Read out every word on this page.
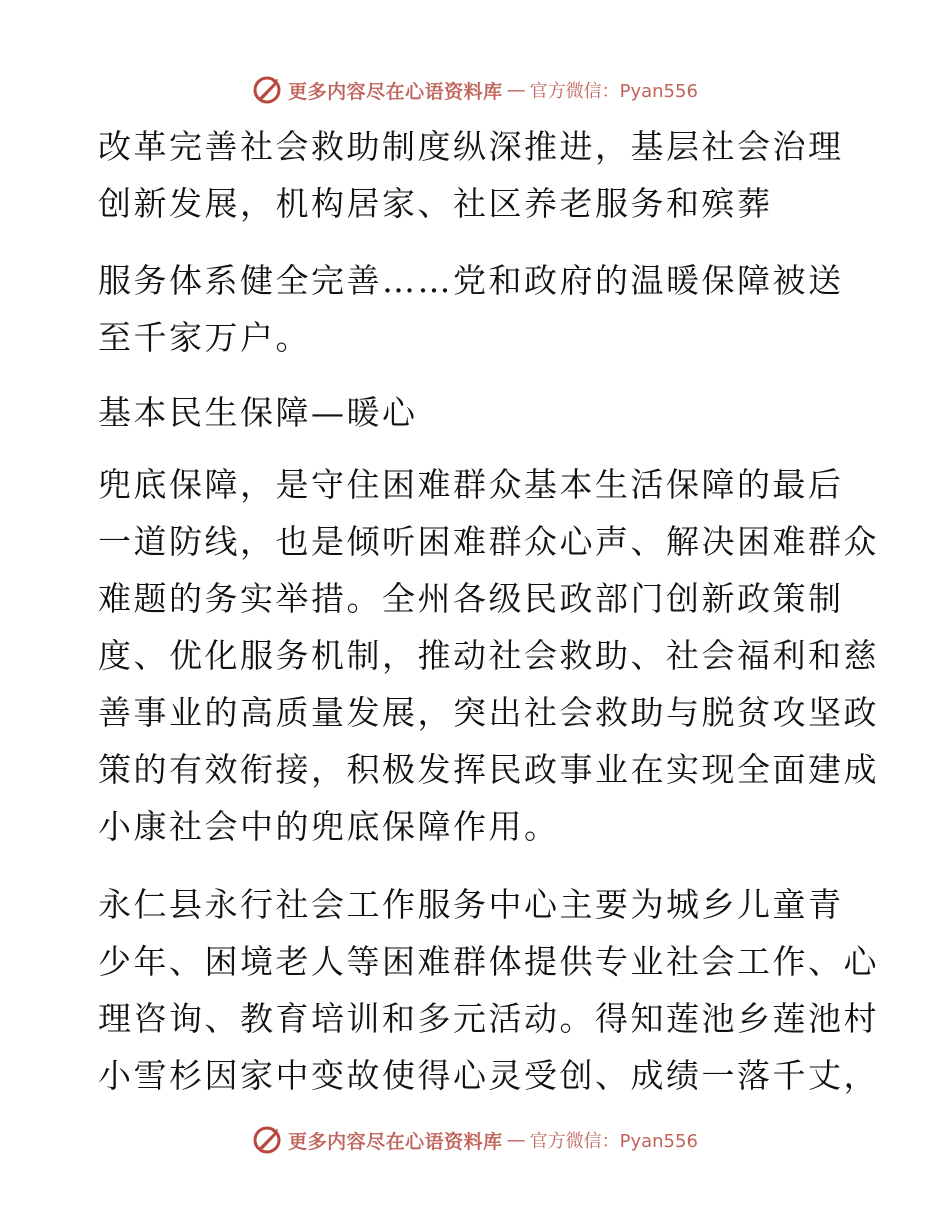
更多内容尽在心语资料库 — 官方微信：Pyan556
改革完善社会救助制度纵深推进，基层社会治理
创新发展，机构居家、社区养老服务和殡葬
服务体系健全完善……党和政府的温暖保障被送
至千家万户。
基本民生保障—暖心
兜底保障，是守住困难群众基本生活保障的最后
一道防线，也是倾听困难群众心声、解决困难群众
难题的务实举措。全州各级民政部门创新政策制
度、优化服务机制，推动社会救助、社会福利和慈
善事业的高质量发展，突出社会救助与脱贫攻坚政
策的有效衔接，积极发挥民政事业在实现全面建成
小康社会中的兜底保障作用。
永仁县永行社会工作服务中心主要为城乡儿童青
少年、困境老人等困难群体提供专业社会工作、心
理咨询、教育培训和多元活动。得知莲池乡莲池村
小雪杉因家中变故使得心灵受创、成绩一落千丈，
更多内容尽在心语资料库 — 官方微信：Pyan556
